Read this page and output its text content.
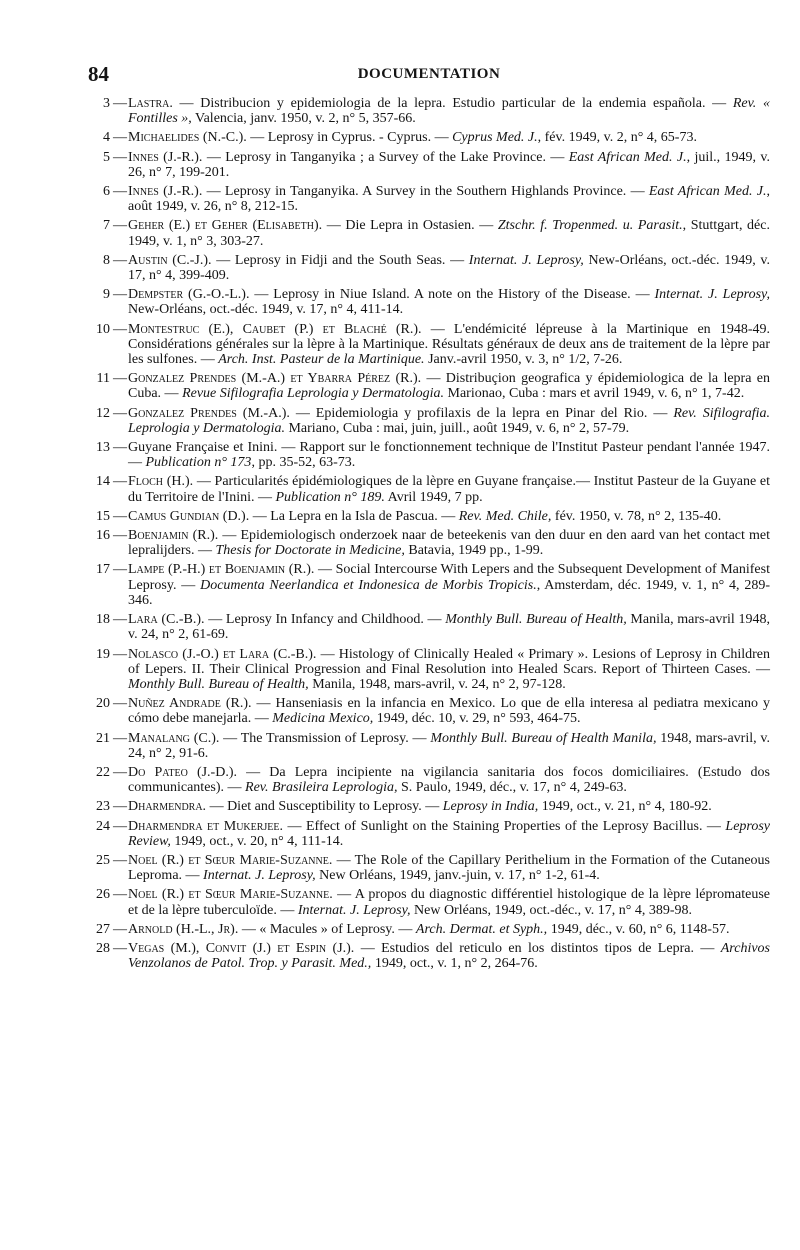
84	DOCUMENTATION
3 — Lastra. — Distribucion y epidemiologia de la lepra. Estudio particular de la endemia española. — Rev. « Fontilles », Valencia, janv. 1950, v. 2, n° 5, 357-66.
4 — Michaelides (N.-C.). — Leprosy in Cyprus. - Cyprus. — Cyprus Med. J., fév. 1949, v. 2, n° 4, 65-73.
5 — Innes (J.-R.). — Leprosy in Tanganyika ; a Survey of the Lake Province. — East African Med. J., juil., 1949, v. 26, n° 7, 199-201.
6 — Innes (J.-R.). — Leprosy in Tanganyika. A Survey in the Southern Highlands Province. — East African Med. J., août 1949, v. 26, n° 8, 212-15.
7 — Geher (E.) et Geher (Elisabeth). — Die Lepra in Ostasien. — Ztschr. f. Tropenmed. u. Parasit., Stuttgart, déc. 1949, v. 1, n° 3, 303-27.
8 — Austin (C.-J.). — Leprosy in Fidji and the South Seas. — Internat. J. Leprosy, New-Orléans, oct.-déc. 1949, v. 17, n° 4, 399-409.
9 — Dempster (G.-O.-L.). — Leprosy in Niue Island. A note on the History of the Disease. — Internat. J. Leprosy, New-Orléans, oct.-déc. 1949, v. 17, n° 4, 411-14.
10 — Montestruc (E.), Caubet (P.) et Blaché (R.). — L'endémicité lépreuse à la Martinique en 1948-49. Considérations générales sur la lèpre à la Martinique. Résultats généraux de deux ans de traitement de la lèpre par les sulfones. — Arch. Inst. Pasteur de la Martinique. Janv.-avril 1950, v. 3, n° 1/2, 7-26.
11 — Gonzalez Prendes (M.-A.) et Ybarra Pérez (R.). — Distribuçion geografica y épidemiologica de la lepra en Cuba. — Revue Sifilografia Leprologia y Dermatologia. Marionao, Cuba : mars et avril 1949, v. 6, n° 1, 7-42.
12 — Gonzalez Prendes (M.-A.). — Epidemiologia y profilaxis de la lepra en Pinar del Rio. — Rev. Sifilografia. Leprologia y Dermatologia. Mariano, Cuba : mai, juin, juill., août 1949, v. 6, n° 2, 57-79.
13 — Guyane Française et Inini. — Rapport sur le fonctionnement technique de l'Institut Pasteur pendant l'année 1947. — Publication n° 173, pp. 35-52, 63-73.
14 — Floch (H.). — Particularités épidémiologiques de la lèpre en Guyane française.— Institut Pasteur de la Guyane et du Territoire de l'Inini. — Publication n° 189. Avril 1949, 7 pp.
15 — Camus Gundian (D.). — La Lepra en la Isla de Pascua. — Rev. Med. Chile, fév. 1950, v. 78, n° 2, 135-40.
16 — Boenjamin (R.). — Epidemiologisch onderzoek naar de beteekenis van den duur en den aard van het contact met lepralijders. — Thesis for Doctorate in Medicine, Batavia, 1949 pp., 1-99.
17 — Lampe (P.-H.) et Boenjamin (R.). — Social Intercourse With Lepers and the Subsequent Development of Manifest Leprosy. — Documenta Neerlandica et Indonesica de Morbis Tropicis., Amsterdam, déc. 1949, v. 1, n° 4, 289-346.
18 — Lara (C.-B.). — Leprosy In Infancy and Childhood. — Monthly Bull. Bureau of Health, Manila, mars-avril 1948, v. 24, n° 2, 61-69.
19 — Nolasco (J.-O.) et Lara (C.-B.). — Histology of Clinically Healed « Primary ». Lesions of Leprosy in Children of Lepers. II. Their Clinical Progression and Final Resolution into Healed Scars. Report of Thirteen Cases. — Monthly Bull. Bureau of Health, Manila, 1948, mars-avril, v. 24, n° 2, 97-128.
20 — Nuñez Andrade (R.). — Hanseniasis en la infancia en Mexico. Lo que de ella interesa al pediatra mexicano y cómo debe manejarla. — Medicina Mexico, 1949, déc. 10, v. 29, n° 593, 464-75.
21 — Manalang (C.). — The Transmission of Leprosy. — Monthly Bull. Bureau of Health Manila, 1948, mars-avril, v. 24, n° 2, 91-6.
22 — Do Pateo (J.-D.). — Da Lepra incipiente na vigilancia sanitaria dos focos domiciliaires. (Estudo dos communicantes). — Rev. Brasileira Leprologia, S. Paulo, 1949, déc., v. 17, n° 4, 249-63.
23 — Dharmendra. — Diet and Susceptibility to Leprosy. — Leprosy in India, 1949, oct., v. 21, n° 4, 180-92.
24 — Dharmendra et Mukerjee. — Effect of Sunlight on the Staining Properties of the Leprosy Bacillus. — Leprosy Review, 1949, oct., v. 20, n° 4, 111-14.
25 — Noel (R.) et Sœur Marie-Suzanne. — The Role of the Capillary Perithelium in the Formation of the Cutaneous Leproma. — Internat. J. Leprosy, New Orléans, 1949, janv.-juin, v. 17, n° 1-2, 61-4.
26 — Noel (R.) et Sœur Marie-Suzanne. — A propos du diagnostic différentiel histologique de la lèpre lépromateuse et de la lèpre tuberculoïde. — Internat. J. Leprosy, New Orléans, 1949, oct.-déc., v. 17, n° 4, 389-98.
27 — Arnold (H.-L., Jr). — « Macules » of Leprosy. — Arch. Dermat. et Syph., 1949, déc., v. 60, n° 6, 1148-57.
28 — Vegas (M.), Convit (J.) et Espin (J.). — Estudios del reticulo en los distintos tipos de Lepra. — Archivos Venzolanos de Patol. Trop. y Parasit. Med., 1949, oct., v. 1, n° 2, 264-76.
